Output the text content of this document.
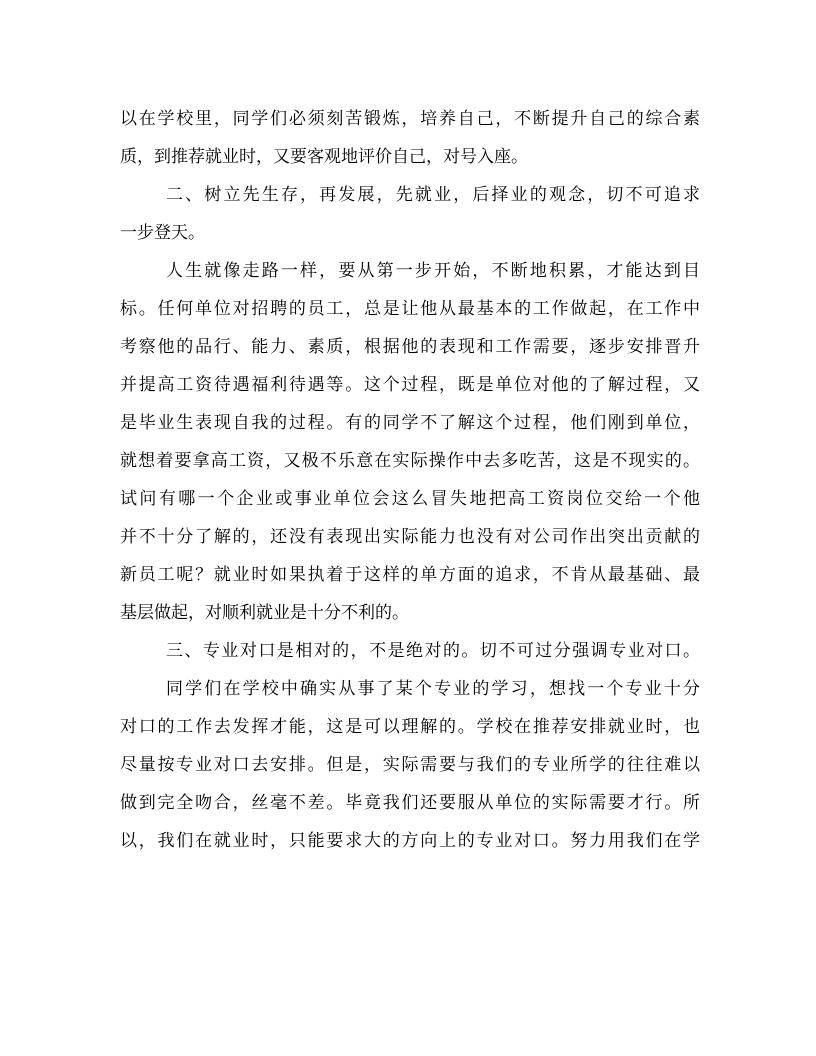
以在学校里，同学们必须刻苦锻炼，培养自己，不断提升自己的综合素
质，到推荐就业时，又要客观地评价自己，对号入座。
二、树立先生存，再发展，先就业，后择业的观念，切不可追求
一步登天。
人生就像走路一样，要从第一步开始，不断地积累，才能达到目
标。任何单位对招聘的员工，总是让他从最基本的工作做起，在工作中
考察他的品行、能力、素质，根据他的表现和工作需要，逐步安排晋升
并提高工资待遇福利待遇等。这个过程，既是单位对他的了解过程，又
是毕业生表现自我的过程。有的同学不了解这个过程，他们刚到单位，
就想着要拿高工资，又极不乐意在实际操作中去多吃苦，这是不现实的。
试问有哪一个企业或事业单位会这么冒失地把高工资岗位交给一个他
并不十分了解的，还没有表现出实际能力也没有对公司作出突出贡献的
新员工呢？就业时如果执着于这样的单方面的追求，不肯从最基础、最
基层做起，对顺利就业是十分不利的。
三、专业对口是相对的，不是绝对的。切不可过分强调专业对口。
同学们在学校中确实从事了某个专业的学习，想找一个专业十分
对口的工作去发挥才能，这是可以理解的。学校在推荐安排就业时，也
尽量按专业对口去安排。但是，实际需要与我们的专业所学的往往难以
做到完全吻合，丝毫不差。毕竟我们还要服从单位的实际需要才行。所
以，我们在就业时，只能要求大的方向上的专业对口。努力用我们在学
